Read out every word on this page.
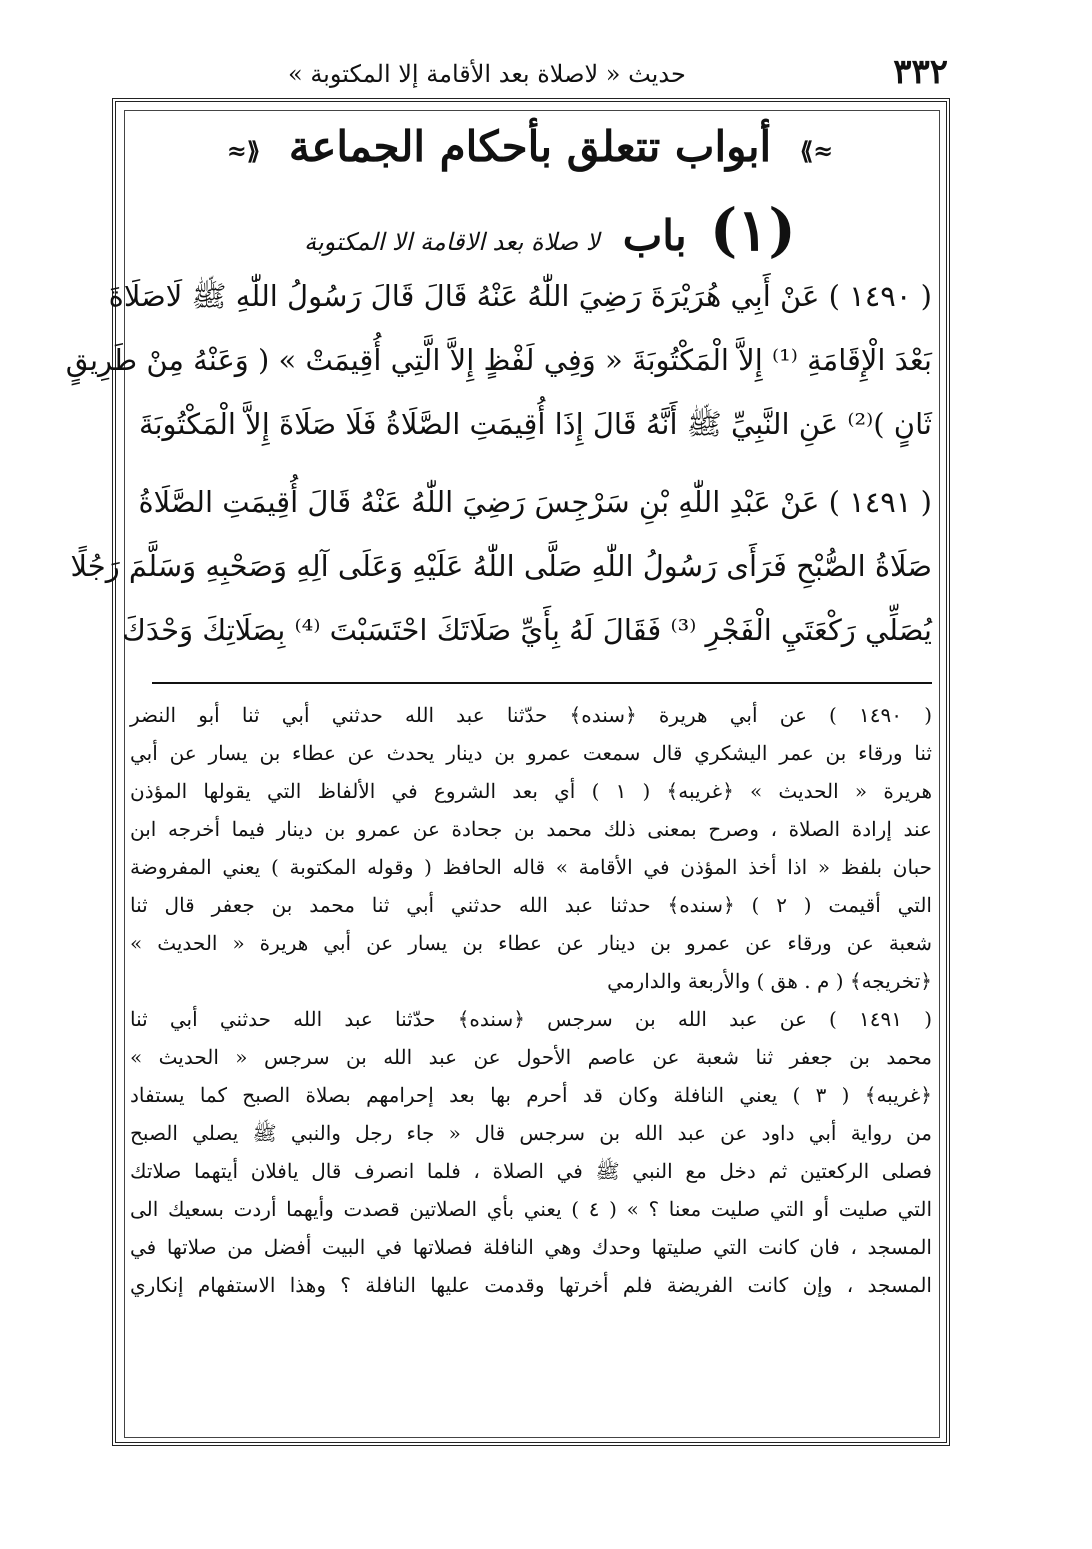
٣٣٢
حديث « لاصلاة بعد الأقامة إلا المكتوبة »
≈⟫ أبواب تتعلق بأحكام الجماعة ⟪≈
(١) باب لا صلاة بعد الاقامة الا المكتوبة
( ١٤٩٠ ) عَنْ أَبِي هُرَيْرَةَ رَضِيَ اللّٰهُ عَنْهُ قَالَ قَالَ رَسُولُ اللّٰهِ ﷺ لَاصَلَاةَ
بَعْدَ الْإِقَامَةِ ⁽¹⁾ إِلاَّ الْمَكْتُوبَةَ « وَفِي لَفْظٍ إِلاَّ الَّتِي أُقِيمَتْ » ( وَعَنْهُ مِنْ طَرِيقٍ
ثَانٍ )⁽²⁾ عَنِ النَّبِيِّ ﷺ أَنَّهُ قَالَ إِذَا أُقِيمَتِ الصَّلَاةُ فَلَا صَلَاةَ إِلاَّ الْمَكْتُوبَةَ
( ١٤٩١ ) عَنْ عَبْدِ اللّٰهِ بْنِ سَرْجِسَ رَضِيَ اللّٰهُ عَنْهُ قَالَ أُقِيمَتِ الصَّلَاةُ
صَلَاةُ الصُّبْحِ فَرَأَى رَسُولُ اللّٰهِ صَلَّى اللّٰهُ عَلَيْهِ وَعَلَى آلِهِ وَصَحْبِهِ وَسَلَّمَ رَجُلًا
يُصَلِّي رَكْعَتَيِ الْفَجْرِ ⁽³⁾ فَقَالَ لَهُ بِأَيِّ صَلَاتَكَ احْتَسَبْتَ ⁽⁴⁾ بِصَلَاتِكَ وَحْدَكَ
( ١٤٩٠ ) عن أبي هريرة ﴿سنده﴾ حدّثنا عبد الله حدثني أبي ثنا أبو النضر
ثنا ورقاء بن عمر اليشكري قال سمعت عمرو بن دينار يحدث عن عطاء بن يسار عن أبي
هريرة « الحديث » ﴿غريبه﴾ ( ١ ) أي بعد الشروع في الألفاظ التي يقولها المؤذن
عند إرادة الصلاة ، وصرح بمعنى ذلك محمد بن جحادة عن عمرو بن دينار فيما أخرجه ابن
حبان بلفظ « اذا أخذ المؤذن في الأقامة » قاله الحافظ ( وقوله المكتوبة ) يعني المفروضة
التي أقيمت ( ٢ ) ﴿سنده﴾ حدثنا عبد الله حدثني أبي ثنا محمد بن جعفر قال ثنا
شعبة عن ورقاء عن عمرو بن دينار عن عطاء بن يسار عن أبي هريرة « الحديث »
﴿تخريجه﴾ ( م . هق ) والأربعة والدارمي
( ١٤٩١ ) عن عبد الله بن سرجس ﴿سنده﴾ حدّثنا عبد الله حدثني أبي ثنا
محمد بن جعفر ثنا شعبة عن عاصم الأحول عن عبد الله بن سرجس « الحديث »
﴿غريبه﴾ ( ٣ ) يعني النافلة وكان قد أحرم بها بعد إحرامهم بصلاة الصبح كما يستفاد
من رواية أبي داود عن عبد الله بن سرجس قال « جاء رجل والنبي ﷺ يصلي الصبح
فصلى الركعتين ثم دخل مع النبي ﷺ في الصلاة ، فلما انصرف قال يافلان أيتهما صلاتك
التي صليت أو التي صليت معنا ؟ » ( ٤ ) يعني بأي الصلاتين قصدت وأيهما أردت بسعيك الى
المسجد ، فان كانت التي صليتها وحدك وهي النافلة فصلاتها في البيت أفضل من صلاتها في
المسجد ، وإن كانت الفريضة فلم أخرتها وقدمت عليها النافلة ؟ وهذا الاستفهام إنكاري
